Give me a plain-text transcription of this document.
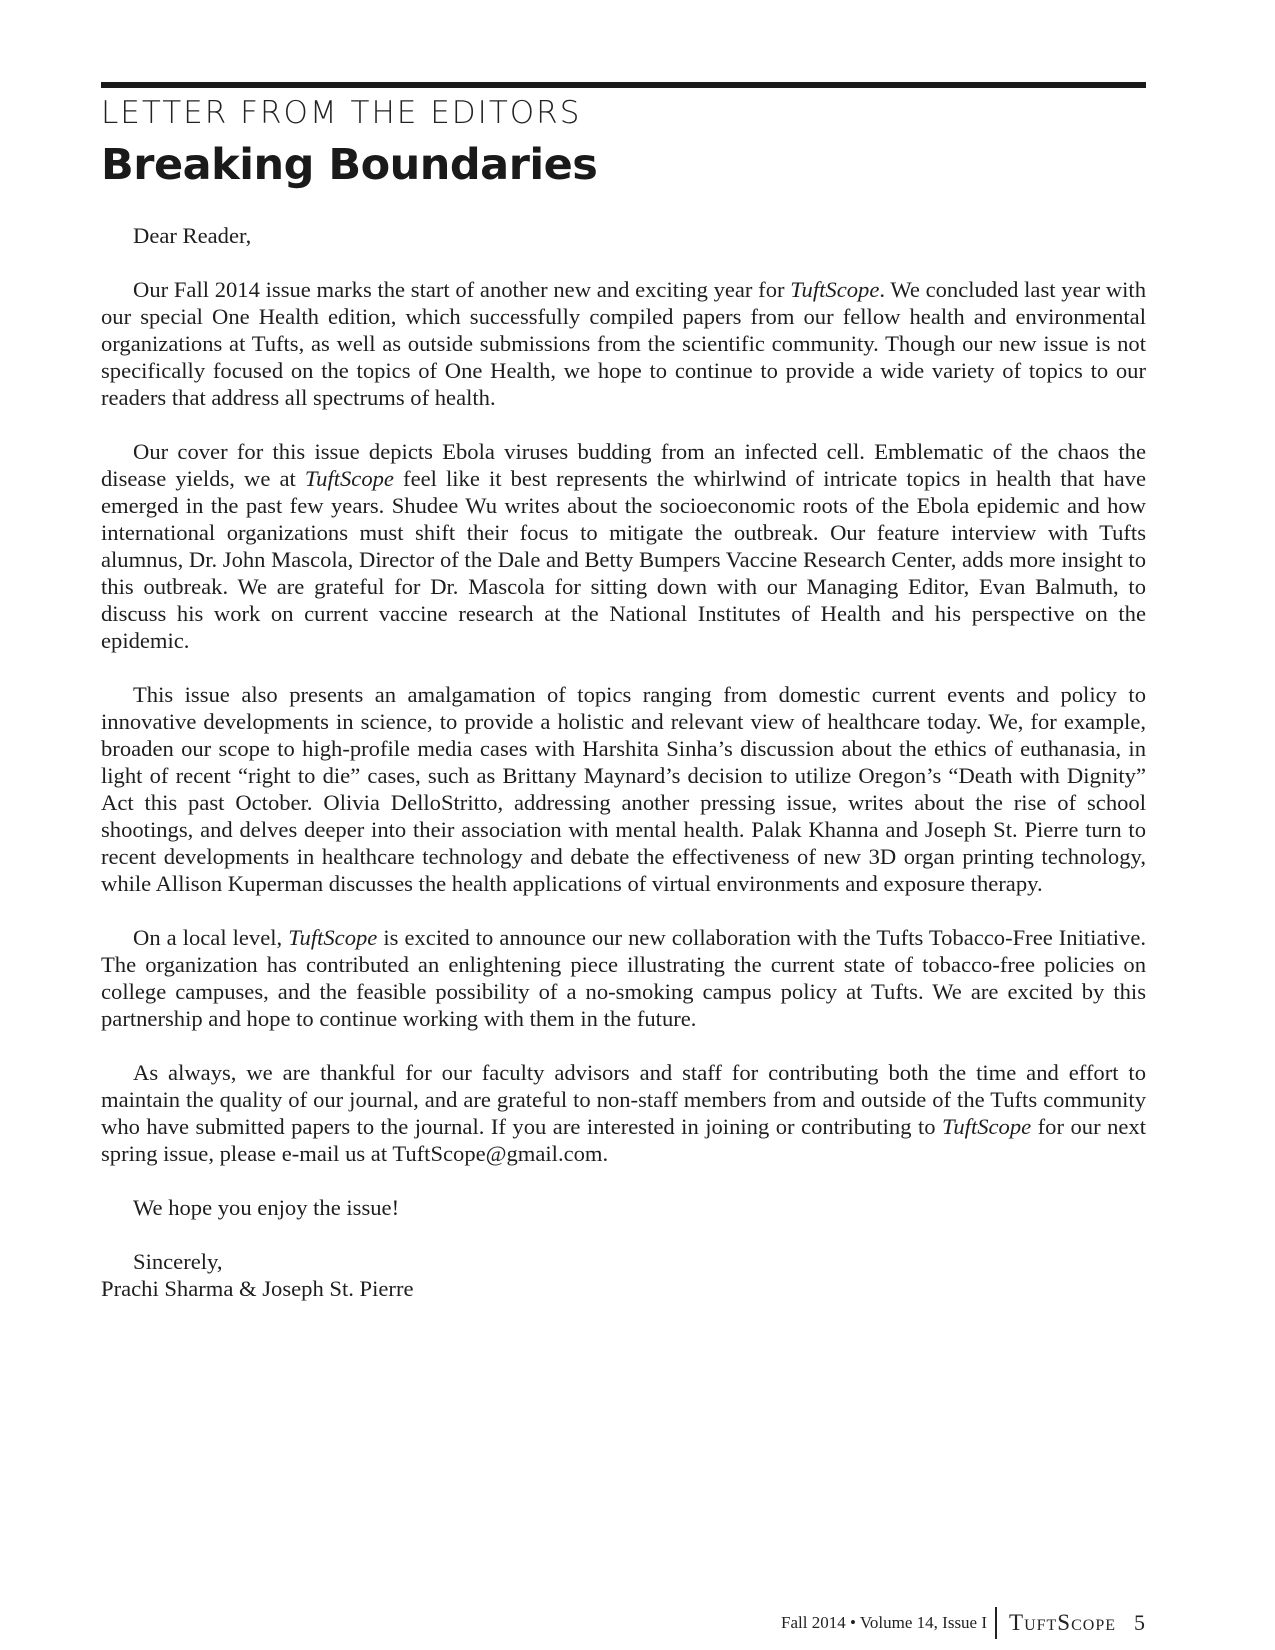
LETTER FROM THE EDITORS
Breaking Boundaries

Dear Reader,

Our Fall 2014 issue marks the start of another new and exciting year for TuftScope. We concluded last year with our special One Health edition, which successfully compiled papers from our fellow health and environmental organizations at Tufts, as well as outside submissions from the scientific community. Though our new issue is not specifically focused on the topics of One Health, we hope to continue to provide a wide variety of topics to our readers that address all spectrums of health.

Our cover for this issue depicts Ebola viruses budding from an infected cell. Emblematic of the chaos the disease yields, we at TuftScope feel like it best represents the whirlwind of intricate topics in health that have emerged in the past few years. Shudee Wu writes about the socioeconomic roots of the Ebola epidemic and how international organizations must shift their focus to mitigate the outbreak. Our feature interview with Tufts alumnus, Dr. John Mascola, Director of the Dale and Betty Bumpers Vaccine Research Center, adds more insight to this outbreak. We are grateful for Dr. Mascola for sitting down with our Managing Editor, Evan Balmuth, to discuss his work on current vaccine research at the National Institutes of Health and his perspective on the epidemic.

This issue also presents an amalgamation of topics ranging from domestic current events and policy to innovative developments in science, to provide a holistic and relevant view of healthcare today. We, for example, broaden our scope to high-profile media cases with Harshita Sinha’s discussion about the ethics of euthanasia, in light of recent “right to die” cases, such as Brittany Maynard’s decision to utilize Oregon’s “Death with Dignity” Act this past October. Olivia DelloStritto, addressing another pressing issue, writes about the rise of school shootings, and delves deeper into their association with mental health. Palak Khanna and Joseph St. Pierre turn to recent developments in healthcare technology and debate the effectiveness of new 3D organ printing technology, while Allison Kuperman discusses the health applications of virtual environments and exposure therapy.

On a local level, TuftScope is excited to announce our new collaboration with the Tufts Tobacco-Free Initiative. The organization has contributed an enlightening piece illustrating the current state of tobacco-free policies on college campuses, and the feasible possibility of a no-smoking campus policy at Tufts. We are excited by this partnership and hope to continue working with them in the future.

As always, we are thankful for our faculty advisors and staff for contributing both the time and effort to maintain the quality of our journal, and are grateful to non-staff members from and outside of the Tufts community who have submitted papers to the journal. If you are interested in joining or contributing to TuftScope for our next spring issue, please e-mail us at TuftScope@gmail.com.

We hope you enjoy the issue!

Sincerely,
Prachi Sharma & Joseph St. Pierre

Fall 2014 • Volume 14, Issue I TuftScope 5
